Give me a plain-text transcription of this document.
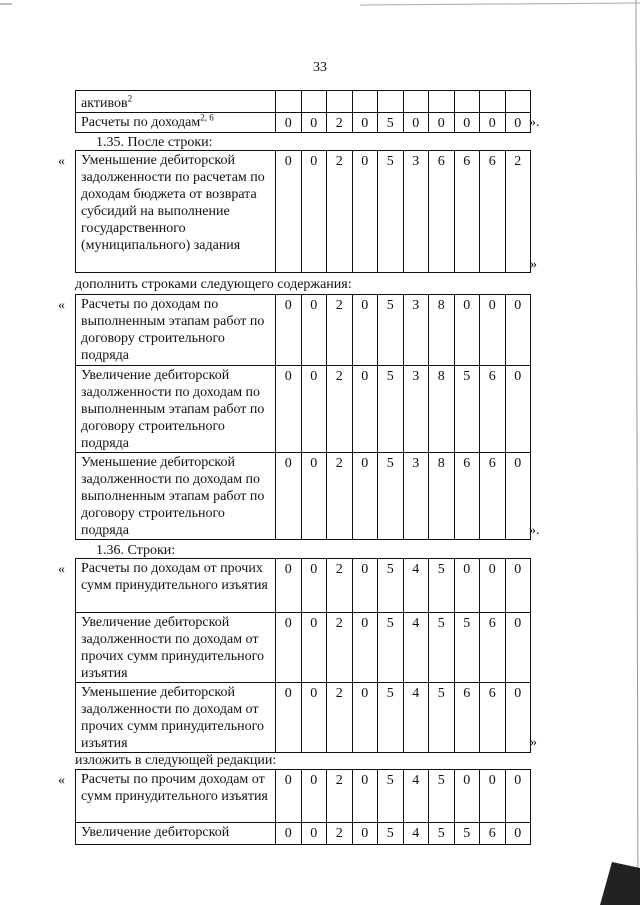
33
активов$^2$										
Расчеты по доходам$^{2, 6}$	0	0	2	0	5	0	0	0	0	0 ».
1.35. После строки:
« Уменьшение дебиторской задолженности по расчетам по доходам бюджета от возврата субсидий на выполнение государственного (муниципального) задания	0	0	2	0	5	3	6	6	6	2
»
дополнить строками следующего содержания:
« Расчеты по доходам по выполненным этапам работ по договору строительного подряда	0	0	2	0	5	3	8	0	0	0
Увеличение дебиторской задолженности по доходам по выполненным этапам работ по договору строительного подряда	0	0	2	0	5	3	8	5	6	0
Уменьшение дебиторской задолженности по доходам по выполненным этапам работ по договору строительного подряда	0	0	2	0	5	3	8	6	6	0
».
1.36. Строки:
« Расчеты по доходам от прочих сумм принудительного изъятия	0	0	2	0	5	4	5	0	0	0
Увеличение дебиторской задолженности по доходам от прочих сумм принудительного изъятия	0	0	2	0	5	4	5	5	6	0
Уменьшение дебиторской задолженности по доходам от прочих сумм принудительного изъятия	0	0	2	0	5	4	5	6	6	0
»
изложить в следующей редакции:
« Расчеты по прочим доходам от сумм принудительного изъятия	0	0	2	0	5	4	5	0	0	0
Увеличение дебиторской	0	0	2	0	5	4	5	5	6	0
